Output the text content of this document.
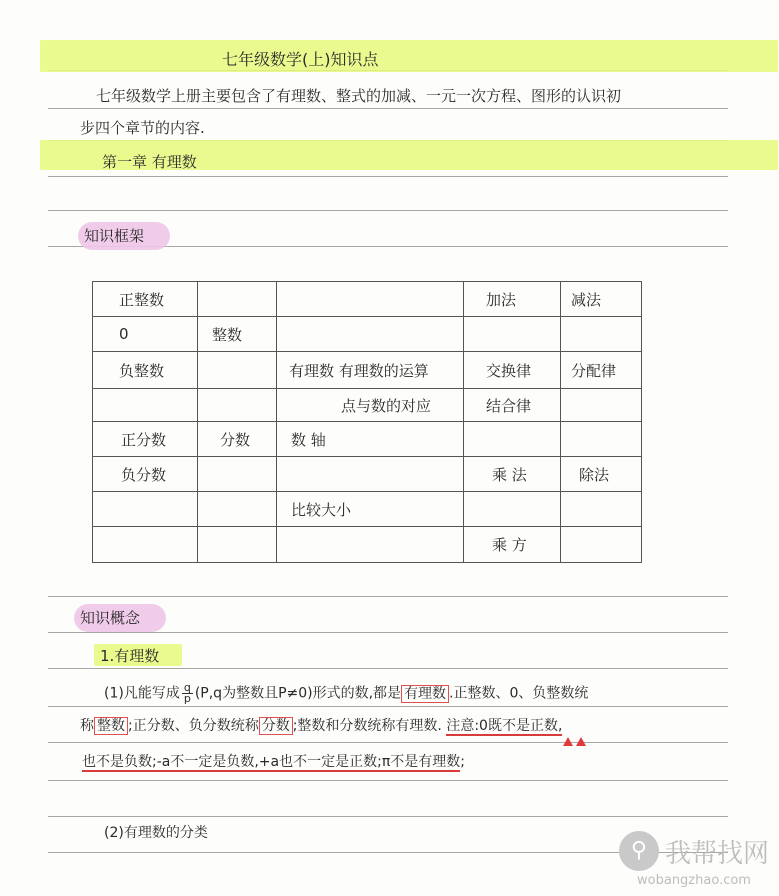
七年级数学(上)知识点
七年级数学上册主要包含了有理数、整式的加减、一元一次方程、图形的认识初
步四个章节的内容.
第一章 有理数
知识框架
正整数			加法	减法
0	整数			
负整数		有理数 有理数的运算	交换律	分配律
		点与数的对应	结合律	
正分数	分数	数 轴		
负分数			乘 法	除法
		比较大小		
			乘 方	
知识概念
1.有理数
(1)凡能写成 $\frac{q}{p} (P,q$为整数且P≠0)形式的数,都是 有理数 .正整数、0、负整数统
称 整数 ;正分数、负分数统称 分数 ;整数和分数统称有理数. 注意:0既不是正数,
也不是负数;-a不一定是负数,+a也不一定是正数;π不是有理数;
(2)有理数的分类
⚲ 我帮找网
wobangzhao.com
